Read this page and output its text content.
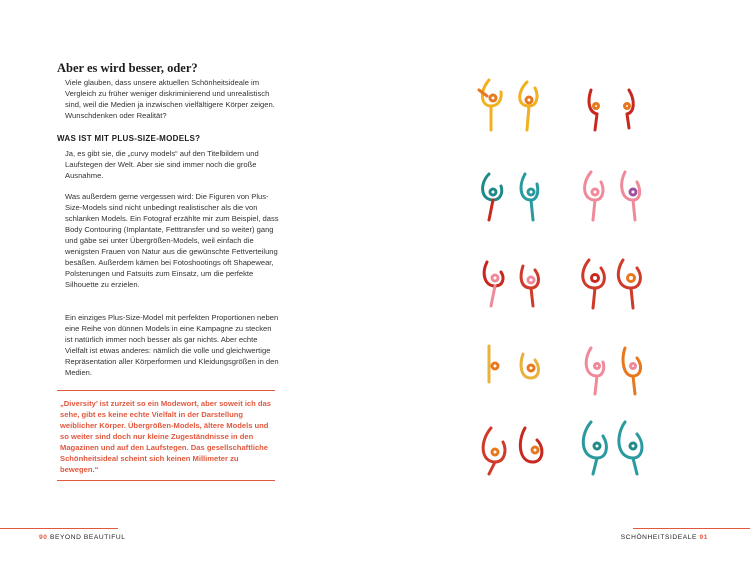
Aber es wird besser, oder?
Viele glauben, dass unsere aktuellen Schönheitsideale im Vergleich zu früher weniger diskriminierend und unrealistisch sind, weil die Medien ja inzwischen vielfältigere Körper zeigen. Wunschdenken oder Realität?
WAS IST MIT PLUS-SIZE-MODELS?
Ja, es gibt sie, die „curvy models“ auf den Titelbildern und Laufstegen der Welt. Aber sie sind immer noch die große Ausnahme.
Was außerdem gerne vergessen wird: Die Figuren von Plus-Size-Models sind nicht unbedingt realistischer als die von schlanken Models. Ein Fotograf erzählte mir zum Beispiel, dass Body Contouring (Implantate, Fetttransfer und so weiter) gang und gäbe sei unter Übergrößen-Models, weil einfach die wenigsten Frauen von Natur aus die gewünschte Fettverteilung besäßen. Außerdem kämen bei Fotoshootings oft Shapewear, Polsterungen und Fatsuits zum Einsatz, um die perfekte Silhouette zu erzielen.
Ein einziges Plus-Size-Model mit perfekten Proportionen neben eine Reihe von dünnen Models in eine Kampagne zu stecken ist natürlich immer noch besser als gar nichts. Aber echte Vielfalt ist etwas anderes: nämlich die volle und gleichwertige Repräsentation aller Körperformen und Kleidungsgrößen in den Medien.
„Diversity’ ist zurzeit so ein Modewort, aber soweit ich das sehe, gibt es keine echte Vielfalt in der Darstellung weiblicher Körper. Übergrößen-Models, ältere Models und so weiter sind doch nur kleine Zugeständnisse in den Magazinen und auf den Laufstegen. Das gesellschaftliche Schönheitsideal scheint sich keinen Millimeter zu bewegen.“
90 BEYOND BEAUTIFUL	SCHÖNHEITSIDEALE 91
